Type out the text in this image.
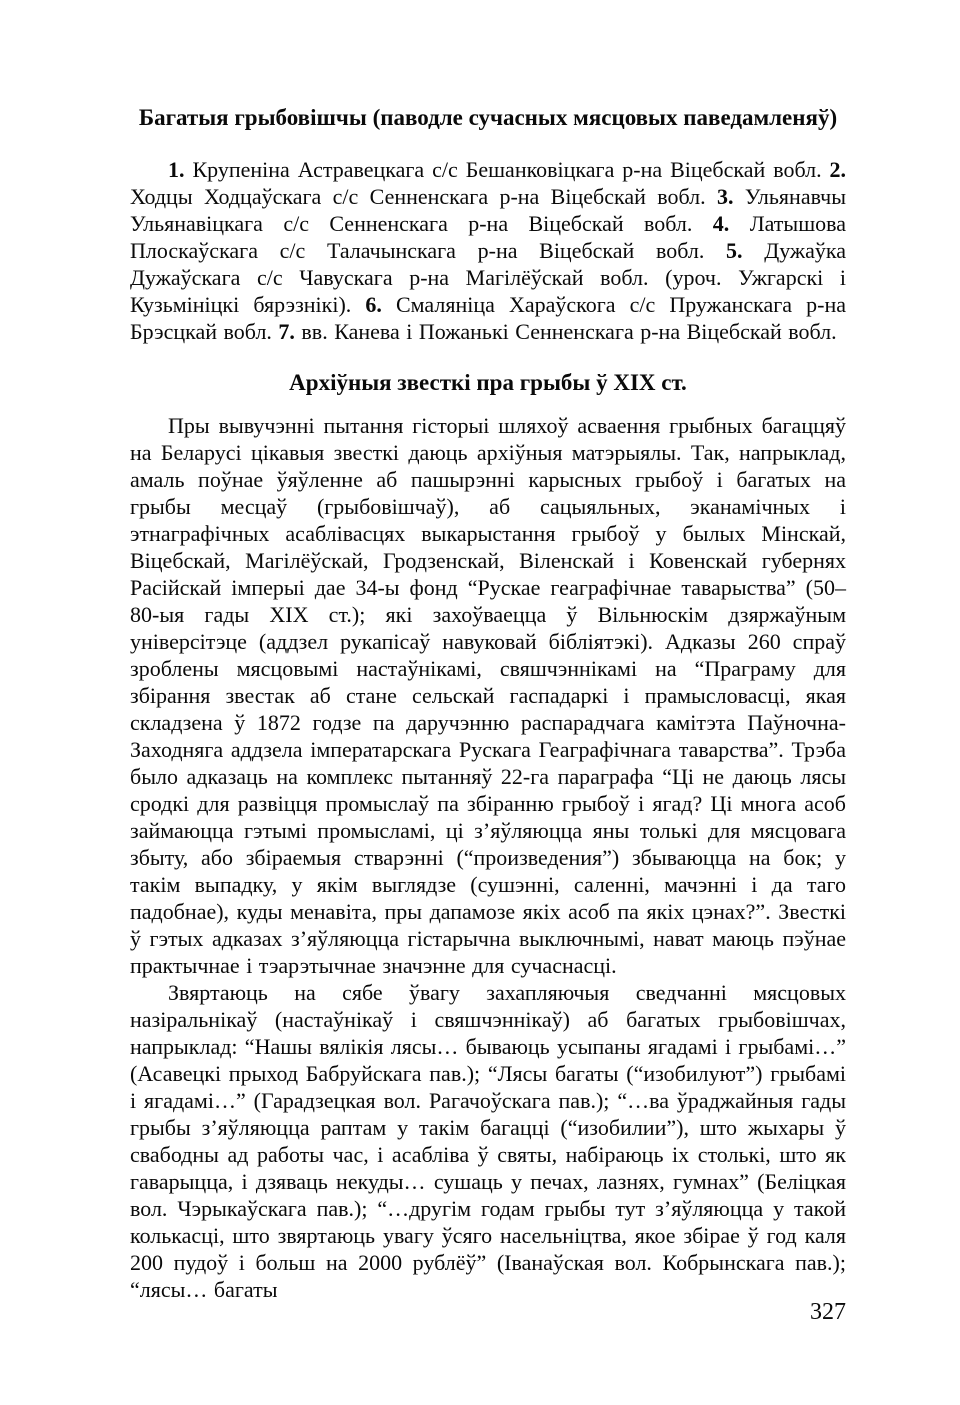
Багатыя грыбовішчы (паводле сучасных мясцовых паведамленяў)

1. Крупеніна Астравецкага с/с Бешанковіцкага р-на Віцебскай вобл. 2. Ходцы Ходцаўскага с/с Сенненскага р-на Віцебскай вобл. 3. Ульянавчы Ульянавіцкага с/с Сенненскага р-на Віцебскай вобл. 4. Латышова Плоскаўскага с/с Талачынскага р-на Віцебскай вобл. 5. Дужаўка Дужаўскага с/с Чавускага р-на Магілёўскай вобл. (уроч. Ужгарскі і Кузьмініцкі бярэзнікі). 6. Смаляніца Хараўскога с/с Пружанскага р-на Брэсцкай вобл. 7. вв. Канева і Пожанькі Сенненскага р-на Віцебскай вобл.

Архіўныя звесткі пра грыбы ў XIX ст.

Пры вывучэнні пытання гісторыі шляхоў асваення грыбных багаццяў на Беларусі цікавыя звесткі даюць архіўныя матэрыялы. Так, напрыклад, амаль поўнае ўяўленне аб пашырэнні карысных грыбоў і багатых на грыбы месцаў (грыбовішчаў), аб сацыяльных, эканамічных і этнаграфічных асаблівасцях выкарыстання грыбоў у былых Мінскай, Віцебскай, Магілёўскай, Гродзенскай, Віленскай і Ковенскай губернях Расійскай імперыі дае 34-ы фонд “Рускае геаграфічнае таварыства” (50–80-ыя гады XIX ст.); які захоўваецца ў Вільнюскім дзяржаўным універсітэце (аддзел рукапісаў навуковай бібліятэкі). Адказы 260 спраў зроблены мясцовымі настаўнікамі, свяшчэннікамі на “Праграму для збірання звестак аб стане сельскай гаспадаркі і прамысловасці, якая складзена ў 1872 годзе па даручэнню распарадчага камітэта Паўночна-Заходняга аддзела імператарскага Рускага Геаграфічнага таварства”. Трэба было адказаць на комплекс пытанняў 22-га параграфа “Ці не даюць лясы сродкі для развіцця промыслаў па збіранню грыбоў і ягад? Ці многа асоб займаюцца гэтымі промысламі, ці з’яўляюцца яны толькі для мясцовага збыту, або збіраемыя стварэнні (“произведения”) збываюцца на бок; у такім выпадку, у якім выглядзе (сушэнні, саленні, мачэнні і да таго падобнае), куды менавіта, пры дапамозе якіх асоб па якіх цэнах?”. Звесткі ў гэтых адказах з’яўляюцца гістарычна выключнымі, нават маюць пэўнае практычнае і тэарэтычнае значэнне для сучаснасці.

Звяртаюць на сябе ўвагу захапляючыя сведчанні мясцовых назіральнікаў (настаўнікаў і свяшчэннікаў) аб багатых грыбовішчах, напрыклад: “Нашы вялікія лясы… бываюць усыпаны ягадамі і грыбамі…” (Асавецкі прыход Бабруйскага пав.); “Лясы багаты (“изобилуют”) грыбамі і ягадамі…” (Гарадзецкая вол. Рагачоўскага пав.); “…ва ўраджайныя гады грыбы з’яўляюцца раптам у такім багацці (“изобилии”), што жыхары ў свабодны ад работы час, і асабліва ў святы, набіраюць іх столькі, што як гаварыцца, і дзяваць некуды… сушаць у печах, лазнях, гумнах” (Беліцкая вол. Чэрыкаўскага пав.); “…другім годам грыбы тут з’яўляюцца у такой колькасці, што звяртаюць увагу ўсяго насельніцтва, якое збірае ў год каля 200 пудоў і больш на 2000 рублёў” (Іванаўская вол. Кобрынскага пав.); “лясы… багаты

327
